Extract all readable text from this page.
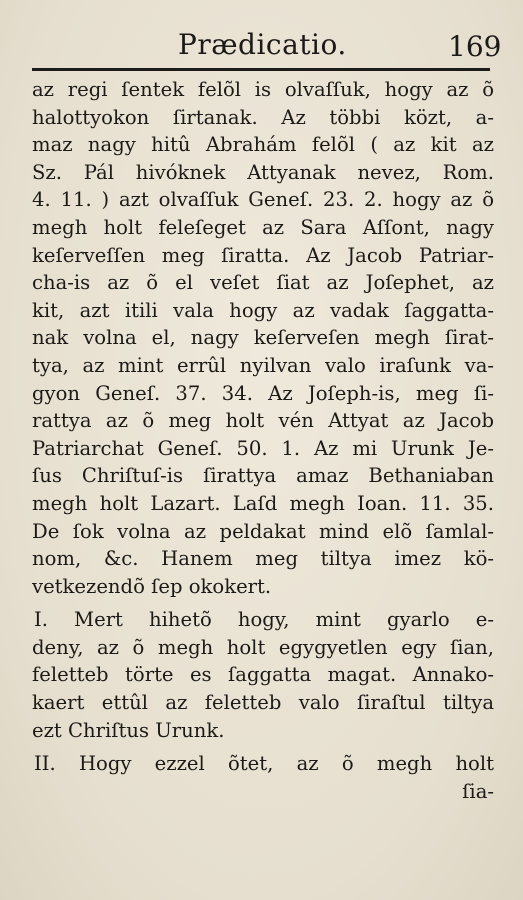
Prædicatio.	169
az regi ſentek felõl is olvaſſuk, hogy az õ
halottyokon ſirtanak. Az többi közt, a-
maz nagy hitû Abrahám felõl ( az kit az
Sz. Pál hivóknek Attyanak nevez, Rom.
4. 11. ) azt olvaſſuk Geneſ. 23. 2. hogy az õ
megh holt feleſeget az Sara Aſſont, nagy
keſerveſſen meg ſiratta. Az Jacob Patriar-
cha-is az õ el veſet ſiat az Joſephet, az
kit, azt itili vala hogy az vadak ſaggatta-
nak volna el, nagy keſerveſen megh ſirat-
tya, az mint errûl nyilvan valo iraſunk va-
gyon Geneſ. 37. 34. Az Joſeph-is, meg ſi-
rattya az õ meg holt vén Attyat az Jacob
Patriarchat Geneſ. 50. 1. Az mi Urunk Je-
ſus Chriſtuſ-is ſirattya amaz Bethaniaban
megh holt Lazart. Laſd megh Ioan. 11. 35.
De ſok volna az peldakat mind elõ ſamlal-
nom, &c. Hanem meg tiltya imez kö-
vetkezendõ ſep okokert.
I. Mert hihetõ hogy, mint gyarlo e-
deny, az õ megh holt egygyetlen egy ſian,
feletteb törte es ſaggatta magat. Annako-
kaert ettûl az feletteb valo ſiraſtul tiltya
ezt Chriſtus Urunk.
II. Hogy ezzel õtet, az õ megh holt
ſia-
